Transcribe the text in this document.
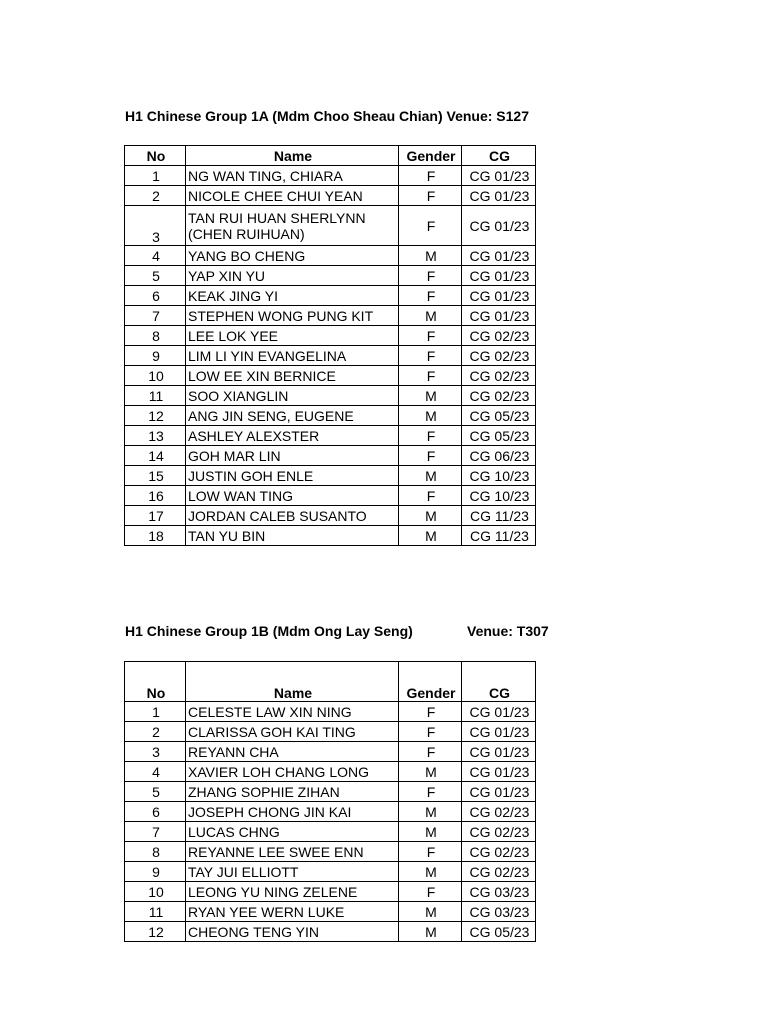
H1 Chinese Group 1A (Mdm Choo Sheau Chian) Venue: S127
No	Name	Gender	CG
1	NG WAN TING, CHIARA	F	CG 01/23
2	NICOLE CHEE CHUI YEAN	F	CG 01/23
3	TAN RUI HUAN SHERLYNN (CHEN RUIHUAN)	F	CG 01/23
4	YANG BO CHENG	M	CG 01/23
5	YAP XIN YU	F	CG 01/23
6	KEAK JING YI	F	CG 01/23
7	STEPHEN WONG PUNG KIT	M	CG 01/23
8	LEE LOK YEE	F	CG 02/23
9	LIM LI YIN EVANGELINA	F	CG 02/23
10	LOW EE XIN BERNICE	F	CG 02/23
11	SOO XIANGLIN	M	CG 02/23
12	ANG JIN SENG, EUGENE	M	CG 05/23
13	ASHLEY ALEXSTER	F	CG 05/23
14	GOH MAR LIN	F	CG 06/23
15	JUSTIN GOH ENLE	M	CG 10/23
16	LOW WAN TING	F	CG 10/23
17	JORDAN CALEB SUSANTO	M	CG 11/23
18	TAN YU BIN	M	CG 11/23
H1 Chinese Group 1B (Mdm Ong Lay Seng)	Venue: T307
No	Name	Gender	CG
1	CELESTE LAW XIN NING	F	CG 01/23
2	CLARISSA GOH KAI TING	F	CG 01/23
3	REYANN CHA	F	CG 01/23
4	XAVIER LOH CHANG LONG	M	CG 01/23
5	ZHANG SOPHIE ZIHAN	F	CG 01/23
6	JOSEPH CHONG JIN KAI	M	CG 02/23
7	LUCAS CHNG	M	CG 02/23
8	REYANNE LEE SWEE ENN	F	CG 02/23
9	TAY JUI ELLIOTT	M	CG 02/23
10	LEONG YU NING ZELENE	F	CG 03/23
11	RYAN YEE WERN LUKE	M	CG 03/23
12	CHEONG TENG YIN	M	CG 05/23
